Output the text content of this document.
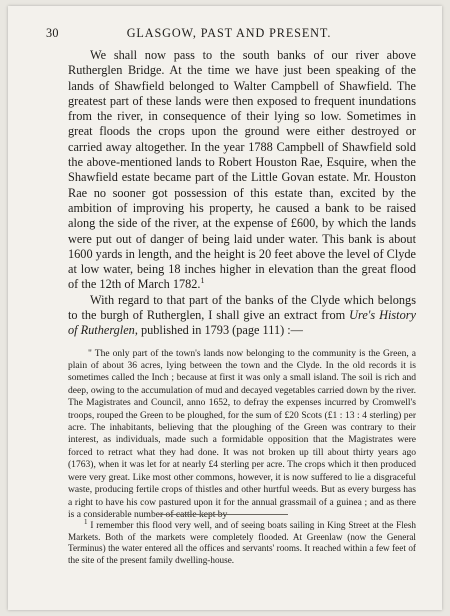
30	GLASGOW, PAST AND PRESENT.

We shall now pass to the south banks of our river above Rutherglen Bridge. At the time we have just been speaking of the lands of Shawfield belonged to Walter Campbell of Shawfield. The greatest part of these lands were then exposed to frequent inundations from the river, in consequence of their lying so low. Sometimes in great floods the crops upon the ground were either destroyed or carried away altogether. In the year 1788 Campbell of Shawfield sold the above-mentioned lands to Robert Houston Rae, Esquire, when the Shawfield estate became part of the Little Govan estate. Mr. Houston Rae no sooner got possession of this estate than, excited by the ambition of improving his property, he caused a bank to be raised along the side of the river, at the expense of £600, by which the lands were put out of danger of being laid under water. This bank is about 1600 yards in length, and the height is 20 feet above the level of Clyde at low water, being 18 inches higher in elevation than the great flood of the 12th of March 1782.$^1$

With regard to that part of the banks of the Clyde which belongs to the burgh of Rutherglen, I shall give an extract from Ure's History of Rutherglen, published in 1793 (page 111) :—

" The only part of the town's lands now belonging to the community is the Green, a plain of about 36 acres, lying between the town and the Clyde. In the old records it is sometimes called the Inch ; because at first it was only a small island. The soil is rich and deep, owing to the accumulation of mud and decayed vegetables carried down by the river. The Magistrates and Council, anno 1652, to defray the expenses incurred by Cromwell's troops, rouped the Green to be ploughed, for the sum of £20 Scots (£1 : 13 : 4 sterling) per acre. The inhabitants, believing that the ploughing of the Green was contrary to their interest, as individuals, made such a formidable opposition that the Magistrates were forced to retract what they had done. It was not broken up till about thirty years ago (1763), when it was let for at nearly £4 sterling per acre. The crops which it then produced were very great. Like most other commons, however, it is now suffered to lie a disgraceful waste, producing fertile crops of thistles and other hurtful weeds. But as every burgess has a right to have his cow pastured upon it for the annual grassmail of a guinea ; and as there is a considerable number of cattle kept by

$^1$ I remember this flood very well, and of seeing boats sailing in King Street at the Flesh Markets. Both of the markets were completely flooded. At Greenlaw (now the General Terminus) the water entered all the offices and servants' rooms. It reached within a few feet of the site of the present family dwelling-house.
